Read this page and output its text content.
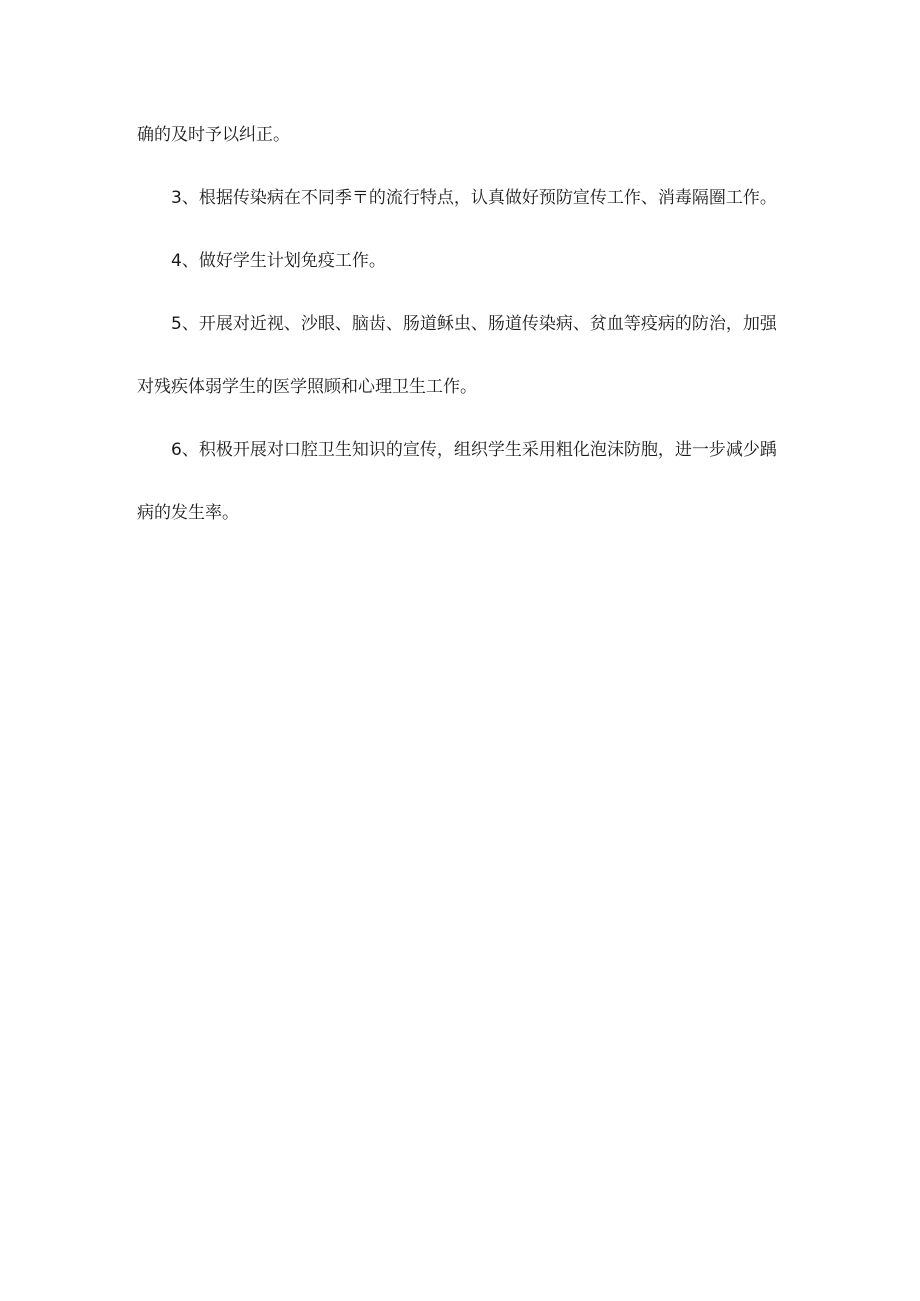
确的及时予以纠正。
3、根据传染病在不同季〒的流行特点，认真做好预防宣传工作、消毒隔圈工作。
4、做好学生计划免疫工作。
5、开展对近视、沙眼、脑齿、肠道稣虫、肠道传染病、贫血等疫病的防治，加强
对残疾体弱学生的医学照顾和心理卫生工作。
6、积极开展对口腔卫生知识的宣传，组织学生采用粗化泡沫防胞，进一步减少踽
病的发生率。
